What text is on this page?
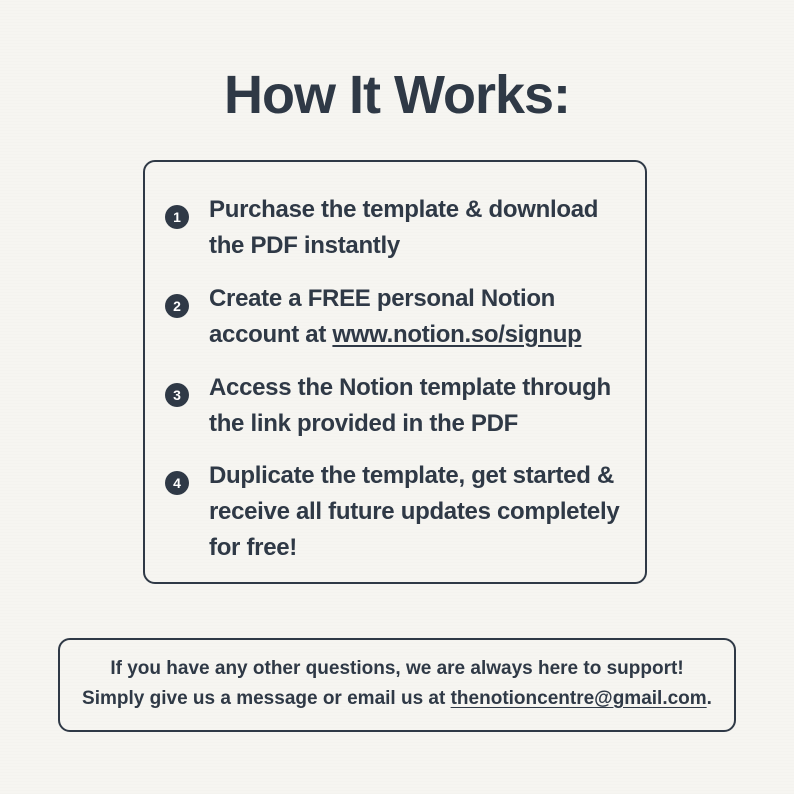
How It Works:
1	Purchase the template & download
the PDF instantly
2	Create a FREE personal Notion
account at www.notion.so/signup
3	Access the Notion template through
the link provided in the PDF
4	Duplicate the template, get started &
receive all future updates completely
for free!
If you have any other questions, we are always here to support!
Simply give us a message or email us at thenotioncentre@gmail.com.
